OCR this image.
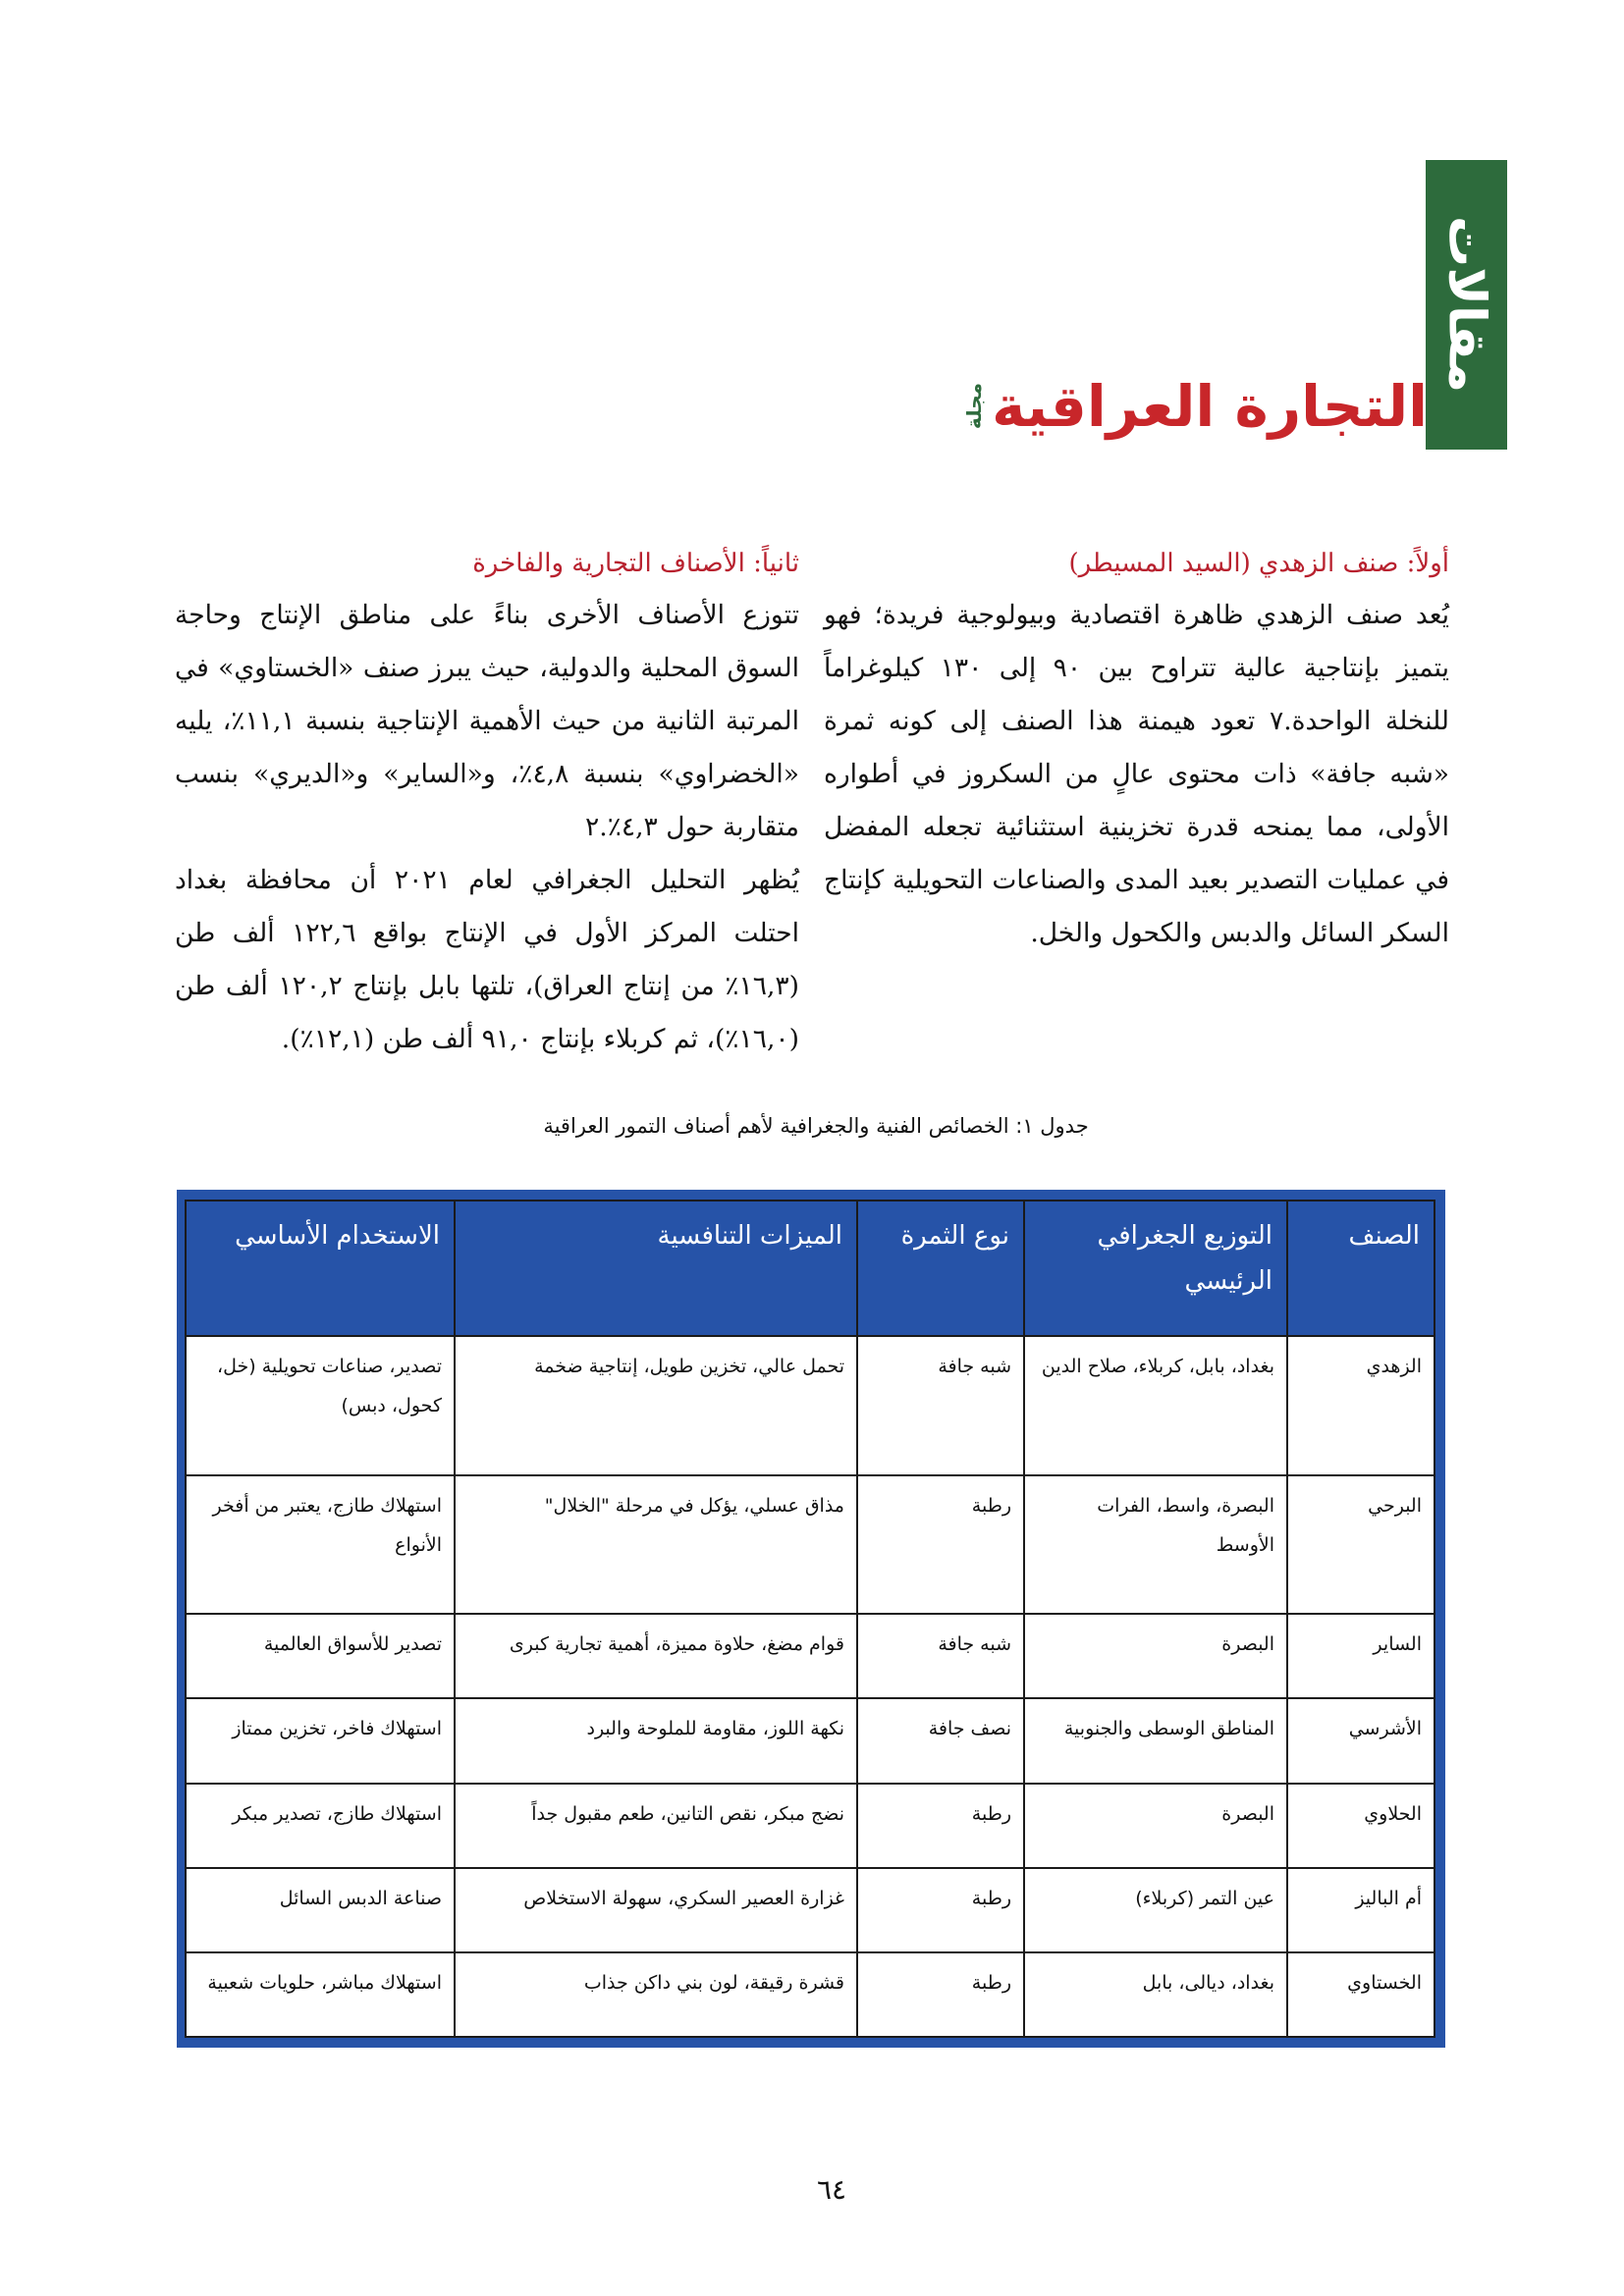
مقالات
التجارة العراقية
مجلة
أولاً: صنف الزهدي (السيد المسيطر)

يُعد صنف الزهدي ظاهرة اقتصادية وبيولوجية فريدة؛ فهو يتميز بإنتاجية عالية تتراوح بين ٩٠ إلى ١٣٠ كيلوغراماً للنخلة الواحدة.٧ تعود هيمنة هذا الصنف إلى كونه ثمرة «شبه جافة» ذات محتوى عالٍ من السكروز في أطواره الأولى، مما يمنحه قدرة تخزينية استثنائية تجعله المفضل في عمليات التصدير بعيد المدى والصناعات التحويلية كإنتاج السكر السائل والدبس والكحول والخل.

ثانياً: الأصناف التجارية والفاخرة

تتوزع الأصناف الأخرى بناءً على مناطق الإنتاج وحاجة السوق المحلية والدولية، حيث يبرز صنف «الخستاوي» في المرتبة الثانية من حيث الأهمية الإنتاجية بنسبة ١١,١٪، يليه «الخضراوي» بنسبة ٤,٨٪، و«الساير» و«الديري» بنسب متقاربة حول ٤,٣٪.٢

يُظهر التحليل الجغرافي لعام ٢٠٢١ أن محافظة بغداد احتلت المركز الأول في الإنتاج بواقع ١٢٢,٦ ألف طن (١٦,٣٪ من إنتاج العراق)، تلتها بابل بإنتاج ١٢٠,٢ ألف طن (١٦,٠٪)، ثم كربلاء بإنتاج ٩١,٠ ألف طن (١٢,١٪).

جدول ١: الخصائص الفنية والجغرافية لأهم أصناف التمور العراقية
الصنف	التوزيع الجغرافي الرئيسي	نوع الثمرة	الميزات التنافسية	الاستخدام الأساسي
الزهدي	بغداد، بابل، كربلاء، صلاح الدين	شبه جافة	تحمل عالي، تخزين طويل، إنتاجية ضخمة	تصدير، صناعات تحويلية (خل، كحول، دبس)
البرحي	البصرة، واسط، الفرات الأوسط	رطبة	مذاق عسلي، يؤكل في مرحلة "الخلال"	استهلاك طازج، يعتبر من أفخر الأنواع
الساير	البصرة	شبه جافة	قوام مضغ، حلاوة مميزة، أهمية تجارية كبرى	تصدير للأسواق العالمية
الأشرسي	المناطق الوسطى والجنوبية	نصف جافة	نكهة اللوز، مقاومة للملوحة والبرد	استهلاك فاخر، تخزين ممتاز
الحلاوي	البصرة	رطبة	نضج مبكر، نقص التانين، طعم مقبول جداً	استهلاك طازج، تصدير مبكر
أم الباليز	عين التمر (كربلاء)	رطبة	غزارة العصير السكري، سهولة الاستخلاص	صناعة الدبس السائل
الخستاوي	بغداد، ديالى، بابل	رطبة	قشرة رقيقة، لون بني داكن جذاب	استهلاك مباشر، حلويات شعبية
٦٤
